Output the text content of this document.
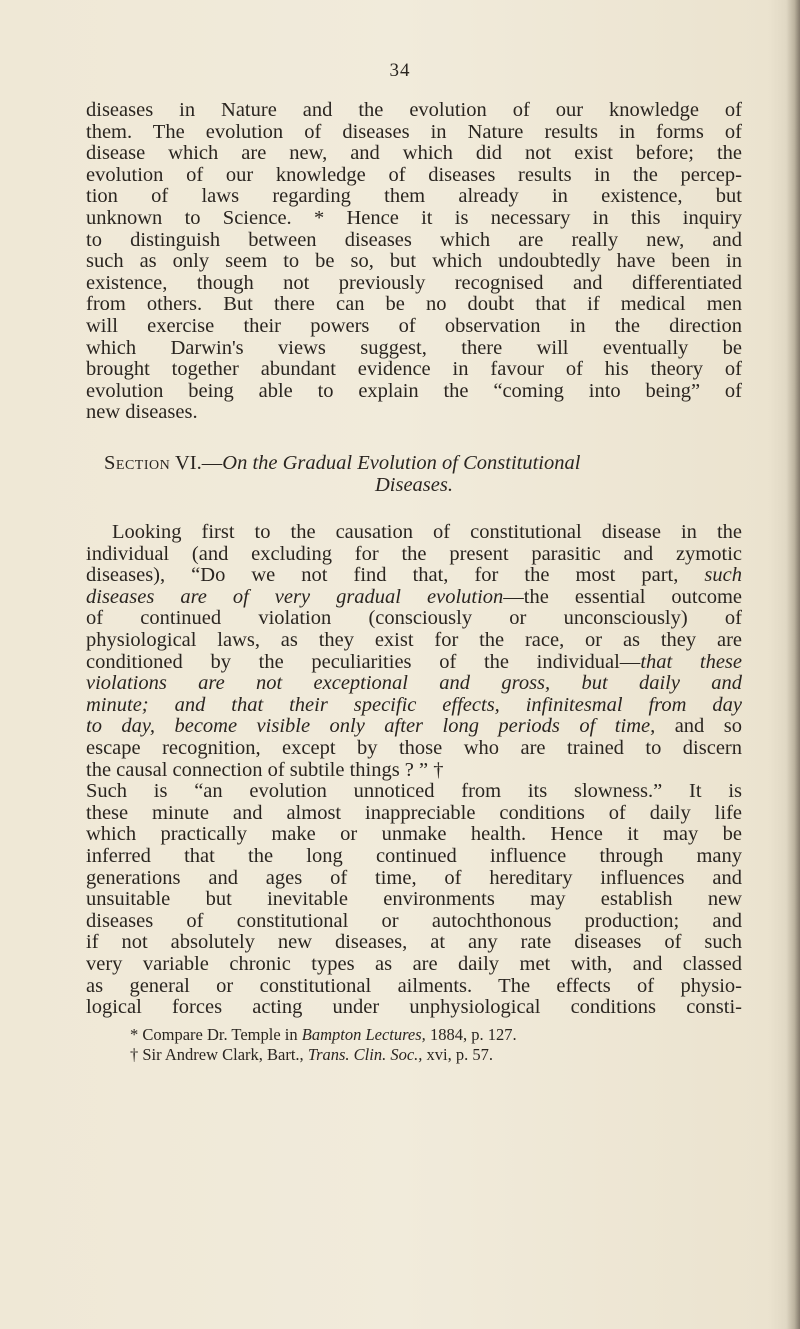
34
diseases in Nature and the evolution of our knowledge of
them. The evolution of diseases in Nature results in forms of
disease which are new, and which did not exist before; the
evolution of our knowledge of diseases results in the percep-
tion of laws regarding them already in existence, but
unknown to Science. * Hence it is necessary in this inquiry
to distinguish between diseases which are really new, and
such as only seem to be so, but which undoubtedly have been in
existence, though not previously recognised and differentiated
from others. But there can be no doubt that if medical men
will exercise their powers of observation in the direction
which Darwin's views suggest, there will eventually be
brought together abundant evidence in favour of his theory of
evolution being able to explain the “coming into being” of
new diseases.
Section VI.—On the Gradual Evolution of Constitutional
Diseases.
Looking first to the causation of constitutional disease in the
individual (and excluding for the present parasitic and zymotic
diseases), “Do we not find that, for the most part, such
diseases are of very gradual evolution—the essential outcome
of continued violation (consciously or unconsciously) of
physiological laws, as they exist for the race, or as they are
conditioned by the peculiarities of the individual—that these
violations are not exceptional and gross, but daily and
minute; and that their specific effects, infinitesmal from day
to day, become visible only after long periods of time, and so
escape recognition, except by those who are trained to discern
the causal connection of subtile things ? ” †
Such is “an evolution unnoticed from its slowness.” It is
these minute and almost inappreciable conditions of daily life
which practically make or unmake health. Hence it may be
inferred that the long continued influence through many
generations and ages of time, of hereditary influences and
unsuitable but inevitable environments may establish new
diseases of constitutional or autochthonous production; and
if not absolutely new diseases, at any rate diseases of such
very variable chronic types as are daily met with, and classed
as general or constitutional ailments. The effects of physio-
logical forces acting under unphysiological conditions consti-
* Compare Dr. Temple in Bampton Lectures, 1884, p. 127.
† Sir Andrew Clark, Bart., Trans. Clin. Soc., xvi, p. 57.
